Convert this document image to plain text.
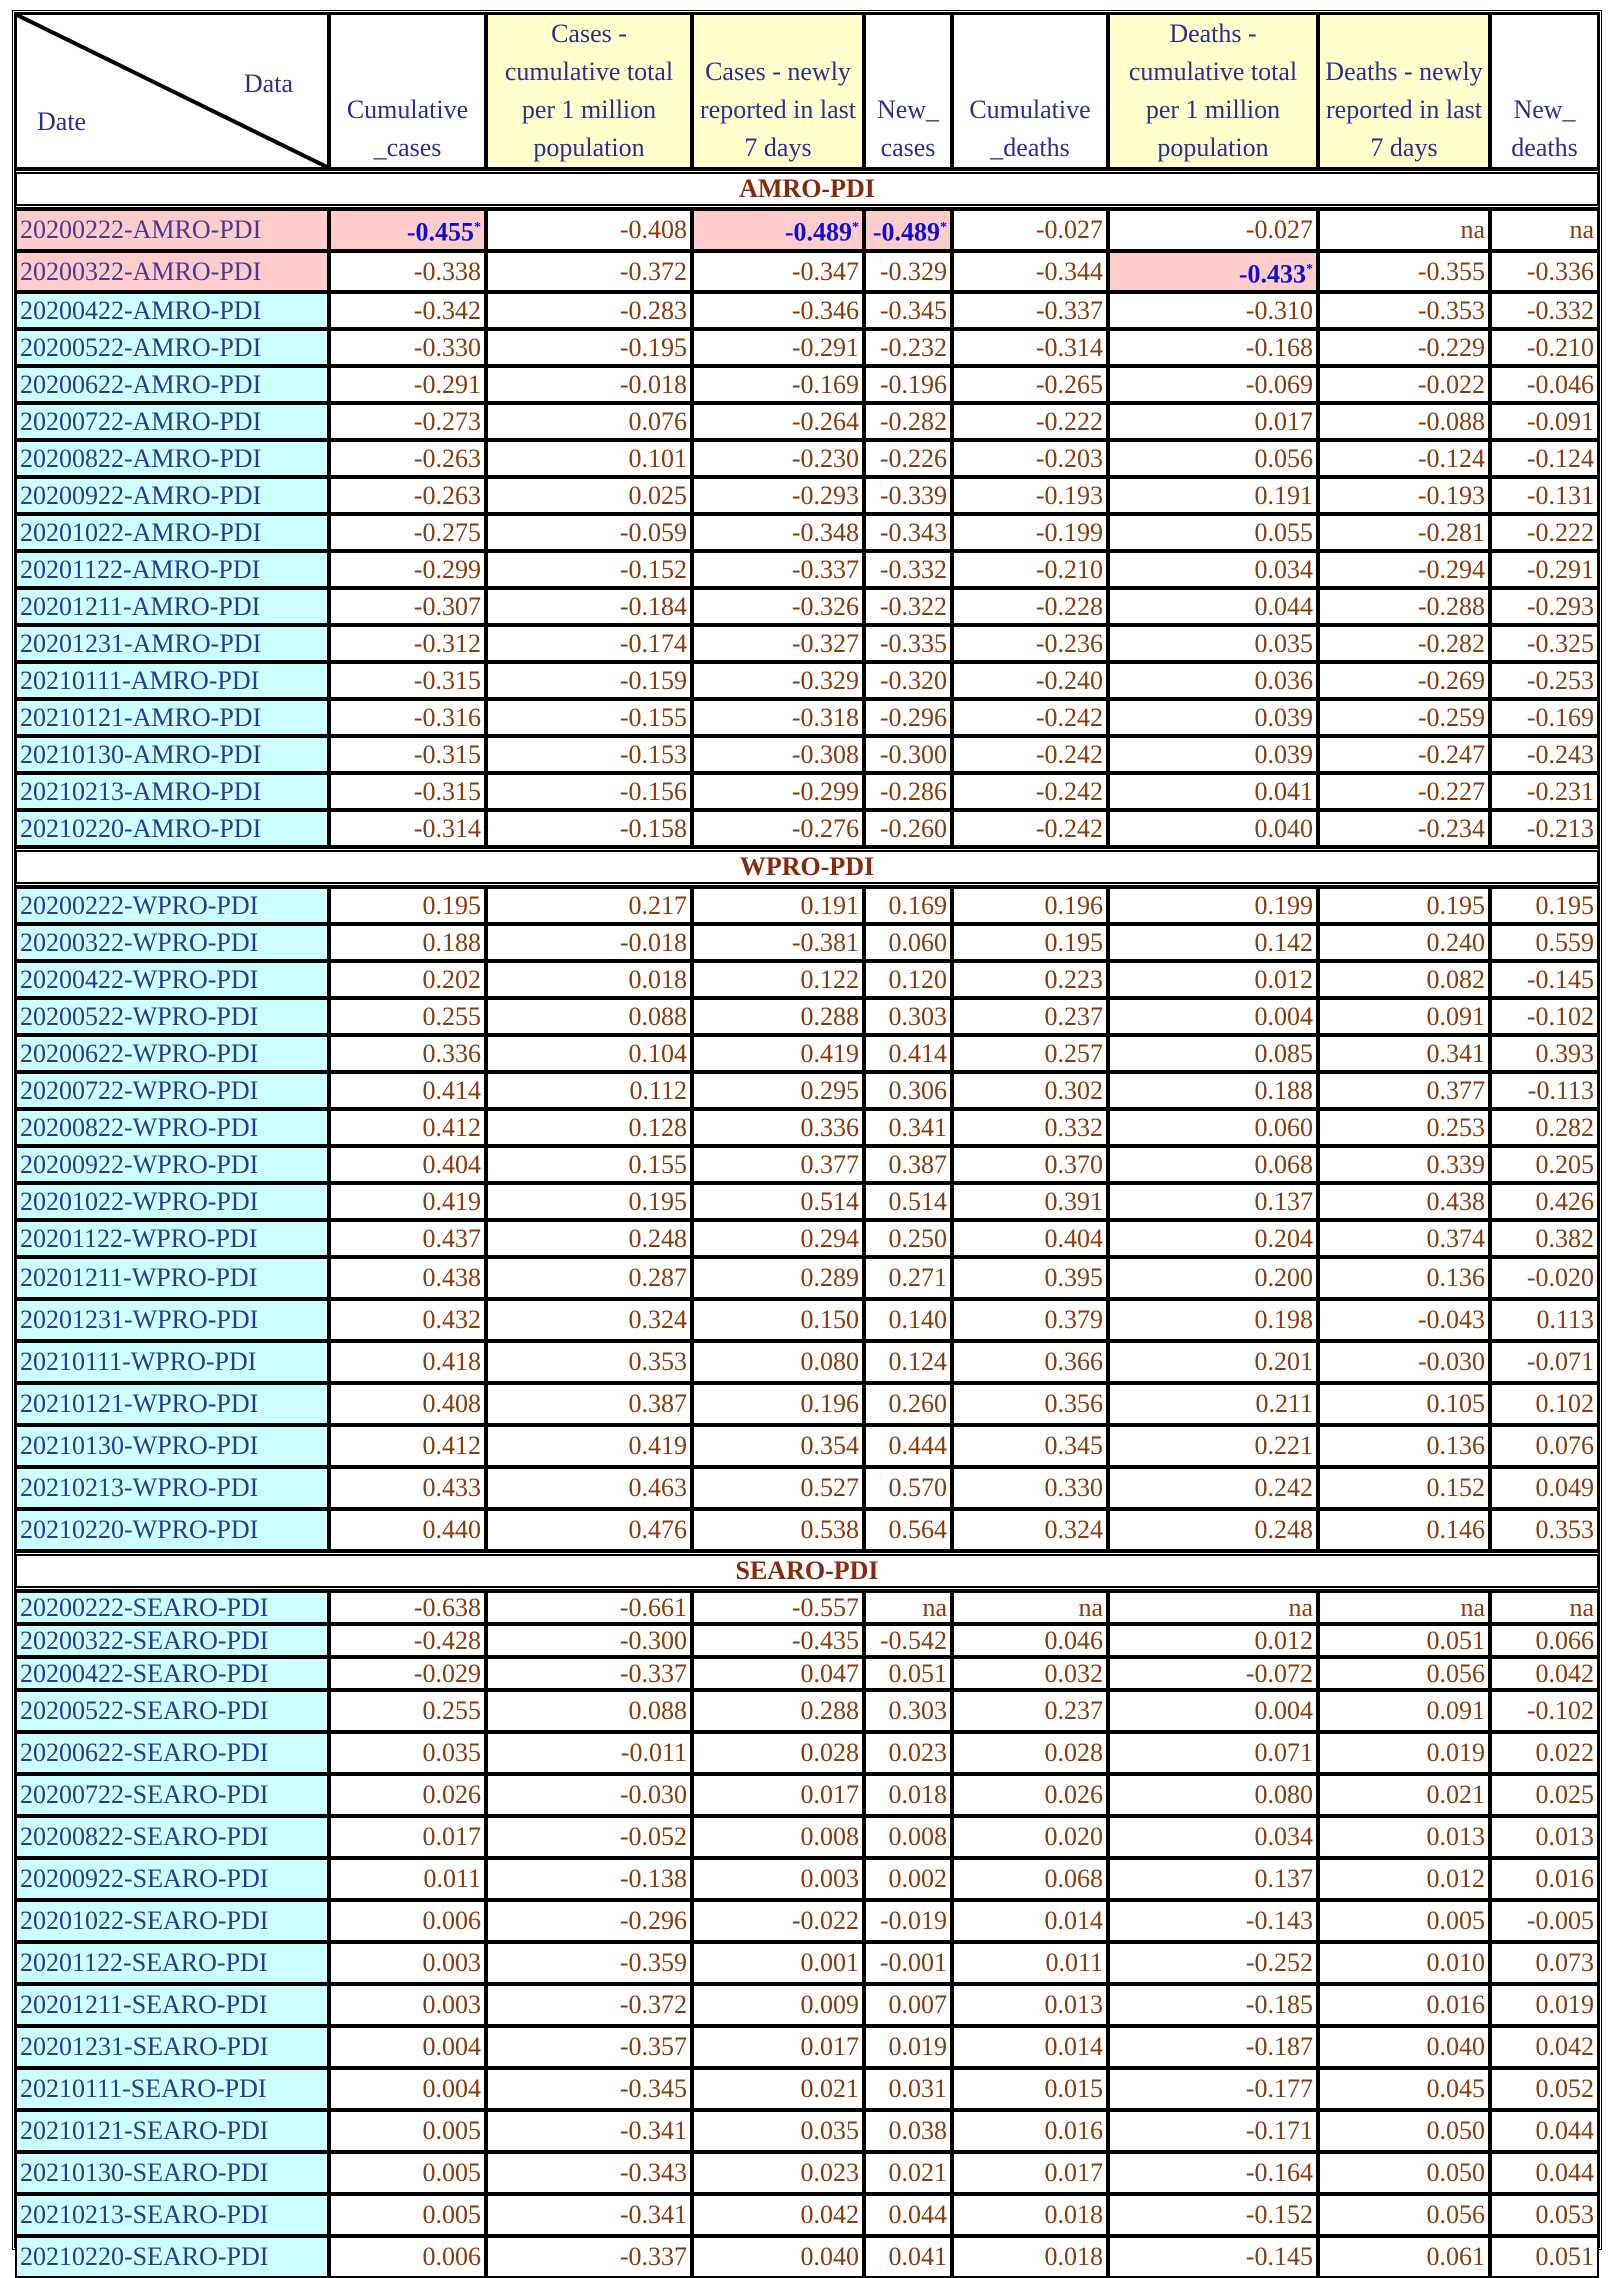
Data
Date	Cumulative _cases	Cases - cumulative total per 1 million population	Cases - newly reported in last 7 days	New_ cases	Cumulative _deaths	Deaths - cumulative total per 1 million population	Deaths - newly reported in last 7 days	New_ deaths
AMRO-PDI								
20200222-AMRO-PDI	-0.455*	-0.408	-0.489*	-0.489*	-0.027	-0.027	na	na
20200322-AMRO-PDI	-0.338	-0.372	-0.347	-0.329	-0.344	-0.433*	-0.355	-0.336
20200422-AMRO-PDI	-0.342	-0.283	-0.346	-0.345	-0.337	-0.310	-0.353	-0.332
20200522-AMRO-PDI	-0.330	-0.195	-0.291	-0.232	-0.314	-0.168	-0.229	-0.210
20200622-AMRO-PDI	-0.291	-0.018	-0.169	-0.196	-0.265	-0.069	-0.022	-0.046
20200722-AMRO-PDI	-0.273	0.076	-0.264	-0.282	-0.222	0.017	-0.088	-0.091
20200822-AMRO-PDI	-0.263	0.101	-0.230	-0.226	-0.203	0.056	-0.124	-0.124
20200922-AMRO-PDI	-0.263	0.025	-0.293	-0.339	-0.193	0.191	-0.193	-0.131
20201022-AMRO-PDI	-0.275	-0.059	-0.348	-0.343	-0.199	0.055	-0.281	-0.222
20201122-AMRO-PDI	-0.299	-0.152	-0.337	-0.332	-0.210	0.034	-0.294	-0.291
20201211-AMRO-PDI	-0.307	-0.184	-0.326	-0.322	-0.228	0.044	-0.288	-0.293
20201231-AMRO-PDI	-0.312	-0.174	-0.327	-0.335	-0.236	0.035	-0.282	-0.325
20210111-AMRO-PDI	-0.315	-0.159	-0.329	-0.320	-0.240	0.036	-0.269	-0.253
20210121-AMRO-PDI	-0.316	-0.155	-0.318	-0.296	-0.242	0.039	-0.259	-0.169
20210130-AMRO-PDI	-0.315	-0.153	-0.308	-0.300	-0.242	0.039	-0.247	-0.243
20210213-AMRO-PDI	-0.315	-0.156	-0.299	-0.286	-0.242	0.041	-0.227	-0.231
20210220-AMRO-PDI	-0.314	-0.158	-0.276	-0.260	-0.242	0.040	-0.234	-0.213
WPRO-PDI								
20200222-WPRO-PDI	0.195	0.217	0.191	0.169	0.196	0.199	0.195	0.195
20200322-WPRO-PDI	0.188	-0.018	-0.381	0.060	0.195	0.142	0.240	0.559
20200422-WPRO-PDI	0.202	0.018	0.122	0.120	0.223	0.012	0.082	-0.145
20200522-WPRO-PDI	0.255	0.088	0.288	0.303	0.237	0.004	0.091	-0.102
20200622-WPRO-PDI	0.336	0.104	0.419	0.414	0.257	0.085	0.341	0.393
20200722-WPRO-PDI	0.414	0.112	0.295	0.306	0.302	0.188	0.377	-0.113
20200822-WPRO-PDI	0.412	0.128	0.336	0.341	0.332	0.060	0.253	0.282
20200922-WPRO-PDI	0.404	0.155	0.377	0.387	0.370	0.068	0.339	0.205
20201022-WPRO-PDI	0.419	0.195	0.514	0.514	0.391	0.137	0.438	0.426
20201122-WPRO-PDI	0.437	0.248	0.294	0.250	0.404	0.204	0.374	0.382
20201211-WPRO-PDI	0.438	0.287	0.289	0.271	0.395	0.200	0.136	-0.020
20201231-WPRO-PDI	0.432	0.324	0.150	0.140	0.379	0.198	-0.043	0.113
20210111-WPRO-PDI	0.418	0.353	0.080	0.124	0.366	0.201	-0.030	-0.071
20210121-WPRO-PDI	0.408	0.387	0.196	0.260	0.356	0.211	0.105	0.102
20210130-WPRO-PDI	0.412	0.419	0.354	0.444	0.345	0.221	0.136	0.076
20210213-WPRO-PDI	0.433	0.463	0.527	0.570	0.330	0.242	0.152	0.049
20210220-WPRO-PDI	0.440	0.476	0.538	0.564	0.324	0.248	0.146	0.353
SEARO-PDI								
20200222-SEARO-PDI	-0.638	-0.661	-0.557	na	na	na	na	na
20200322-SEARO-PDI	-0.428	-0.300	-0.435	-0.542	0.046	0.012	0.051	0.066
20200422-SEARO-PDI	-0.029	-0.337	0.047	0.051	0.032	-0.072	0.056	0.042
20200522-SEARO-PDI	0.255	0.088	0.288	0.303	0.237	0.004	0.091	-0.102
20200622-SEARO-PDI	0.035	-0.011	0.028	0.023	0.028	0.071	0.019	0.022
20200722-SEARO-PDI	0.026	-0.030	0.017	0.018	0.026	0.080	0.021	0.025
20200822-SEARO-PDI	0.017	-0.052	0.008	0.008	0.020	0.034	0.013	0.013
20200922-SEARO-PDI	0.011	-0.138	0.003	0.002	0.068	0.137	0.012	0.016
20201022-SEARO-PDI	0.006	-0.296	-0.022	-0.019	0.014	-0.143	0.005	-0.005
20201122-SEARO-PDI	0.003	-0.359	0.001	-0.001	0.011	-0.252	0.010	0.073
20201211-SEARO-PDI	0.003	-0.372	0.009	0.007	0.013	-0.185	0.016	0.019
20201231-SEARO-PDI	0.004	-0.357	0.017	0.019	0.014	-0.187	0.040	0.042
20210111-SEARO-PDI	0.004	-0.345	0.021	0.031	0.015	-0.177	0.045	0.052
20210121-SEARO-PDI	0.005	-0.341	0.035	0.038	0.016	-0.171	0.050	0.044
20210130-SEARO-PDI	0.005	-0.343	0.023	0.021	0.017	-0.164	0.050	0.044
20210213-SEARO-PDI	0.005	-0.341	0.042	0.044	0.018	-0.152	0.056	0.053
20210220-SEARO-PDI	0.006	-0.337	0.040	0.041	0.018	-0.145	0.061	0.051
